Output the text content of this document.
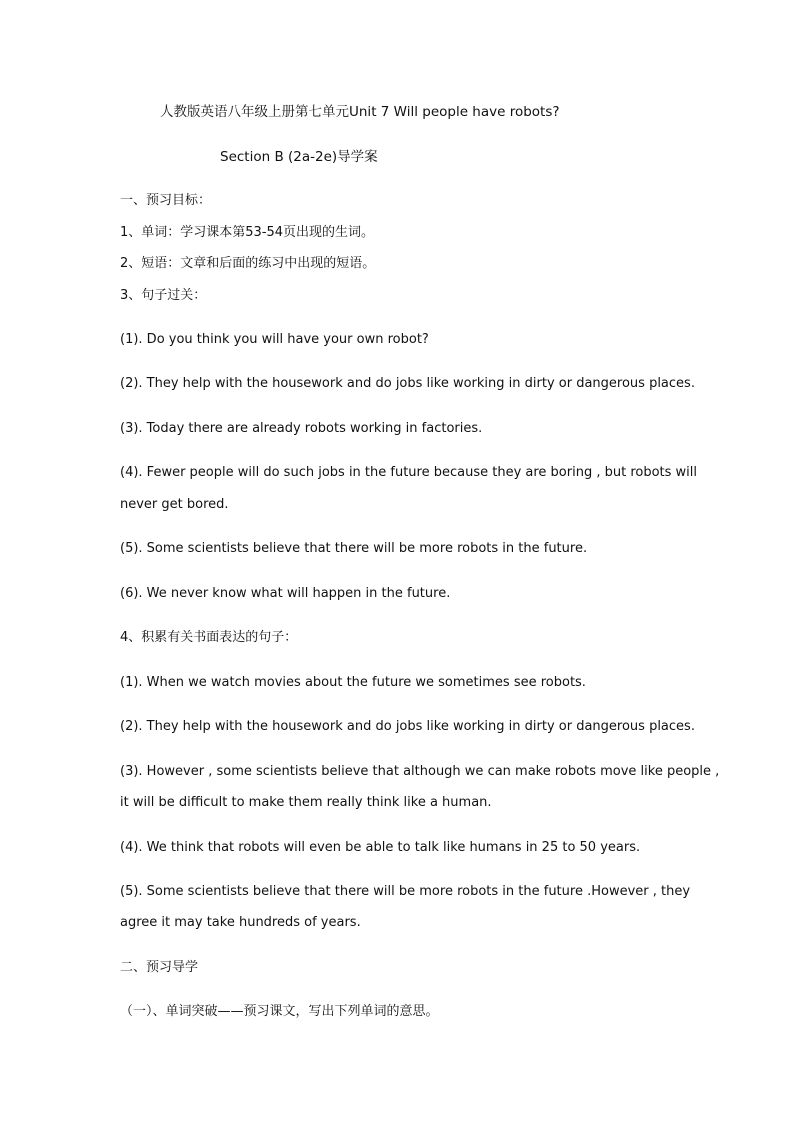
人教版英语八年级上册第七单元Unit 7 Will people have robots?
Section B (2a-2e)导学案
一、预习目标：
1、单词：学习课本第53-54页出现的生词。
2、短语：文章和后面的练习中出现的短语。
3、句子过关：
(1). Do you think you will have your own robot?
(2). They help with the housework and do jobs like working in dirty or dangerous places.
(3). Today there are already robots working in factories.
(4). Fewer people will do such jobs in the future because they are boring , but robots will
never get bored.
(5). Some scientists believe that there will be more robots in the future.
(6). We never know what will happen in the future.
4、积累有关书面表达的句子：
(1). When we watch movies about the future we sometimes see robots.
(2). They help with the housework and do jobs like working in dirty or dangerous places.
(3). However , some scientists believe that although we can make robots move like people ,
it will be difficult to make them really think like a human.
(4). We think that robots will even be able to talk like humans in 25 to 50 years.
(5). Some scientists believe that there will be more robots in the future .However , they
agree it may take hundreds of years.
二、预习导学
（一）、单词突破——预习课文，写出下列单词的意思。
